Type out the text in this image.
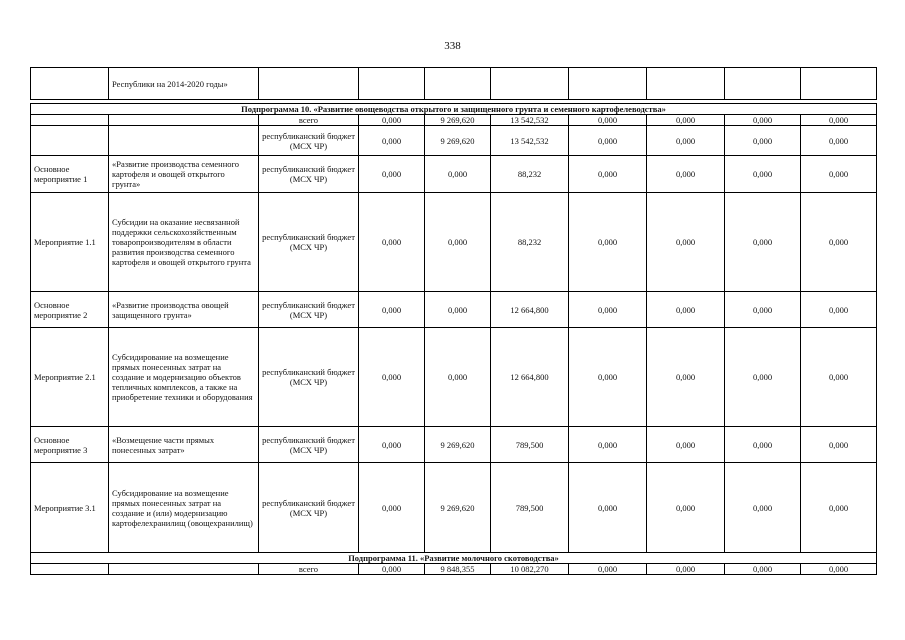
338
	Республики на 2014-2020 годы»								

Подпрограмма 10. «Развитие овощеводства открытого и защищенного грунта и семенного картофелеводства»									
		всего	0,000	9 269,620	13 542,532	0,000	0,000	0,000	0,000
		республиканский бюджет (МСХ ЧР)	0,000	9 269,620	13 542,532	0,000	0,000	0,000	0,000
Основное мероприятие 1	«Развитие производства семенного картофеля и овощей открытого грунта»	республиканский бюджет (МСХ ЧР)	0,000	0,000	88,232	0,000	0,000	0,000	0,000
Мероприятие 1.1	Субсидии на оказание несвязанной поддержки сельскохозяйственным товаропроизводителям в области развития производства семенного картофеля и овощей открытого грунта	республиканский бюджет (МСХ ЧР)	0,000	0,000	88,232	0,000	0,000	0,000	0,000
Основное мероприятие 2	«Развитие производства овощей защищенного грунта»	республиканский бюджет (МСХ ЧР)	0,000	0,000	12 664,800	0,000	0,000	0,000	0,000
Мероприятие 2.1	Субсидирование на возмещение прямых понесенных затрат на создание и модернизацию объектов тепличных комплексов, а также на приобретение техники и оборудования	республиканский бюджет (МСХ ЧР)	0,000	0,000	12 664,800	0,000	0,000	0,000	0,000
Основное мероприятие 3	«Возмещение части прямых понесенных затрат»	республиканский бюджет (МСХ ЧР)	0,000	9 269,620	789,500	0,000	0,000	0,000	0,000
Мероприятие 3.1	Субсидирование на возмещение прямых понесенных затрат на создание и (или) модернизацию картофелехранилищ (овощехранилищ)	республиканский бюджет (МСХ ЧР)	0,000	9 269,620	789,500	0,000	0,000	0,000	0,000
Подпрограмма 11. «Развитие молочного скотоводства»									
		всего	0,000	9 848,355	10 082,270	0,000	0,000	0,000	0,000
